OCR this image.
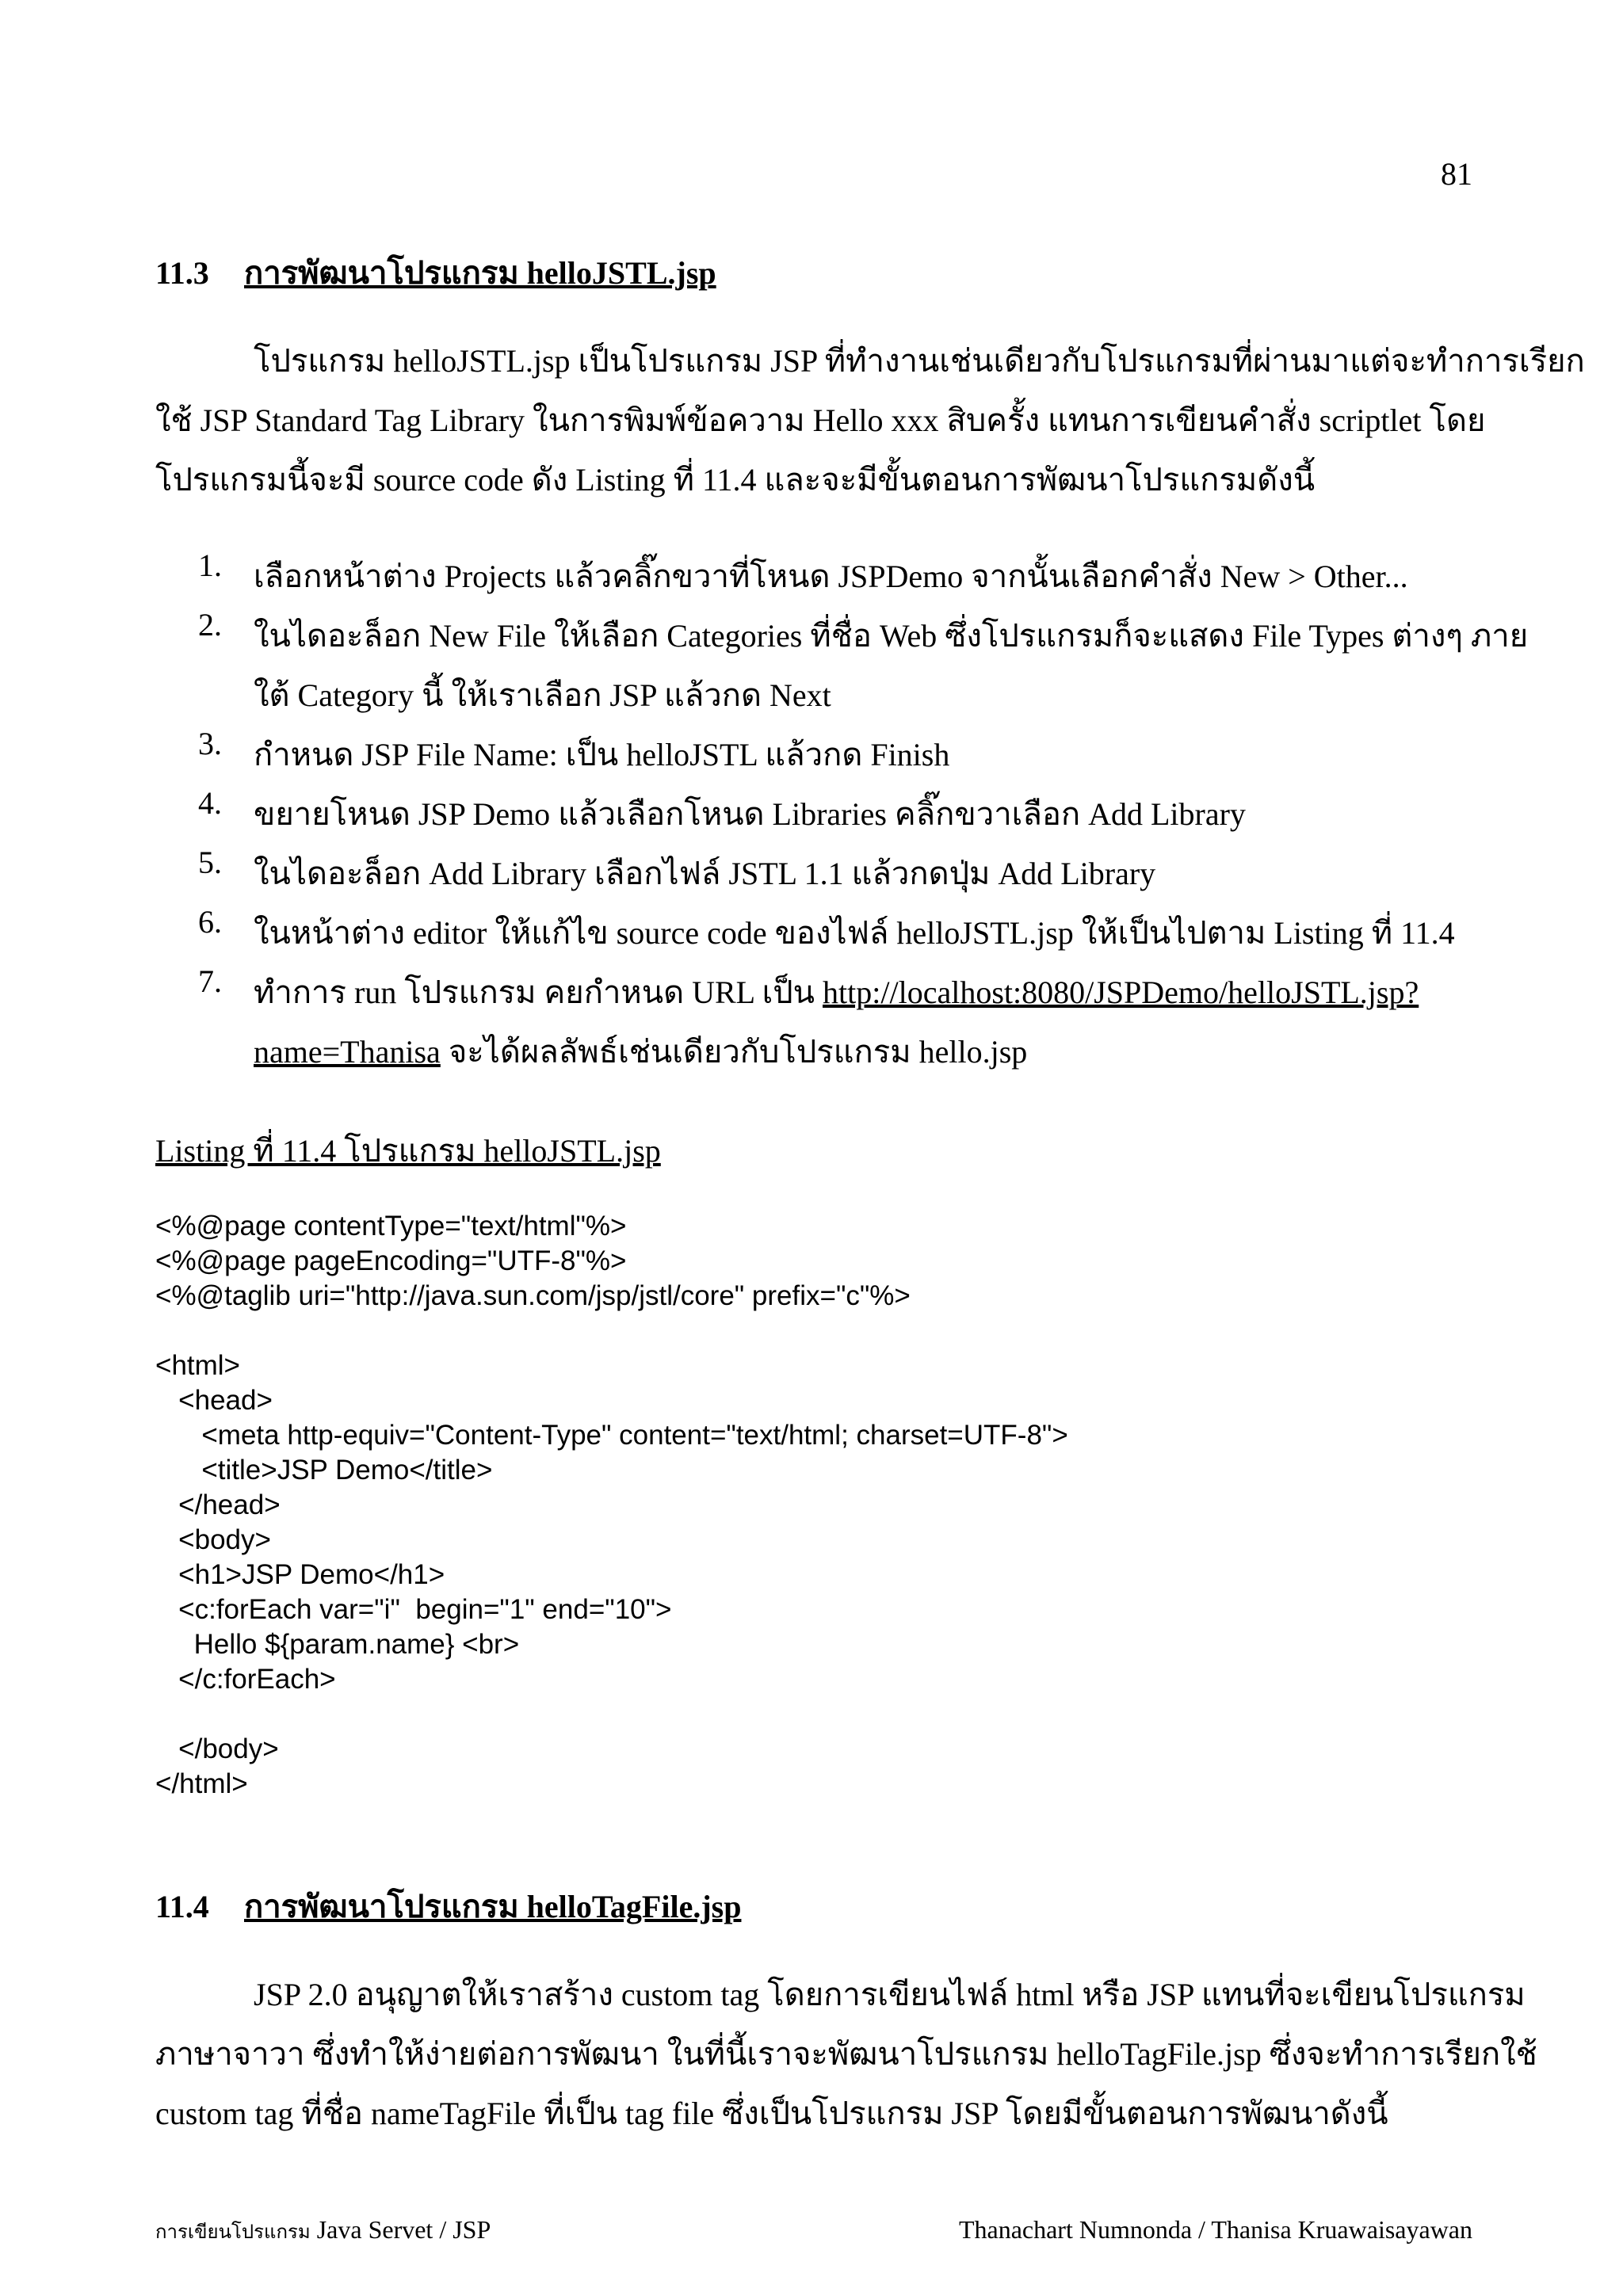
81
11.3 การพัฒนาโปรแกรม helloJSTL.jsp
โปรแกรม helloJSTL.jsp เป็นโปรแกรม JSP ที่ทำงานเช่นเดียวกับโปรแกรมที่ผ่านมาแต่จะทำการเรียก
ใช้ JSP Standard Tag Library ในการพิมพ์ข้อความ Hello xxx สิบครั้ง แทนการเขียนคำสั่ง scriptlet โดย
โปรแกรมนี้จะมี source code ดัง Listing ที่ 11.4 และจะมีขั้นตอนการพัฒนาโปรแกรมดังนี้
1.	เลือกหน้าต่าง Projects แล้วคลิ๊กขวาที่โหนด JSPDemo จากนั้นเลือกคำสั่ง New > Other...
2.	ในไดอะล็อก New File ให้เลือก Categories ที่ชื่อ Web ซึ่งโปรแกรมก็จะแสดง File Types ต่างๆ ภาย
ใต้ Category นี้ ให้เราเลือก JSP แล้วกด Next
3.	กำหนด JSP File Name: เป็น helloJSTL แล้วกด Finish
4.	ขยายโหนด JSP Demo แล้วเลือกโหนด Libraries คลิ๊กขวาเลือก Add Library
5.	ในไดอะล็อก Add Library เลือกไฟล์ JSTL 1.1 แล้วกดปุ่ม Add Library
6.	ในหน้าต่าง editor ให้แก้ไข source code ของไฟล์ helloJSTL.jsp ให้เป็นไปตาม Listing ที่ 11.4
7.	ทำการ run โปรแกรม คยกำหนด URL เป็น http://localhost:8080/JSPDemo/helloJSTL.jsp?
name=Thanisa จะได้ผลลัพธ์เช่นเดียวกับโปรแกรม hello.jsp
Listing ที่ 11.4 โปรแกรม helloJSTL.jsp
<%@page contentType="text/html"%>
<%@page pageEncoding="UTF-8"%>
<%@taglib uri="http://java.sun.com/jsp/jstl/core" prefix="c"%>

<html>
<head>
<meta http-equiv="Content-Type" content="text/html; charset=UTF-8">
<title>JSP Demo</title>
</head>
<body>
<h1>JSP Demo</h1>
<c:forEach var="i"  begin="1" end="10">
Hello ${param.name} <br>
</c:forEach>

</body>
</html>
11.4 การพัฒนาโปรแกรม helloTagFile.jsp
JSP 2.0 อนุญาตให้เราสร้าง custom tag โดยการเขียนไฟล์ html หรือ JSP แทนที่จะเขียนโปรแกรม
ภาษาจาวา ซึ่งทำให้ง่ายต่อการพัฒนา ในที่นี้เราจะพัฒนาโปรแกรม helloTagFile.jsp ซึ่งจะทำการเรียกใช้
custom tag ที่ชื่อ nameTagFile ที่เป็น tag file ซึ่งเป็นโปรแกรม JSP โดยมีขั้นตอนการพัฒนาดังนี้
การเขียนโปรแกรม Java Servet / JSP	Thanachart Numnonda / Thanisa Kruawaisayawan
